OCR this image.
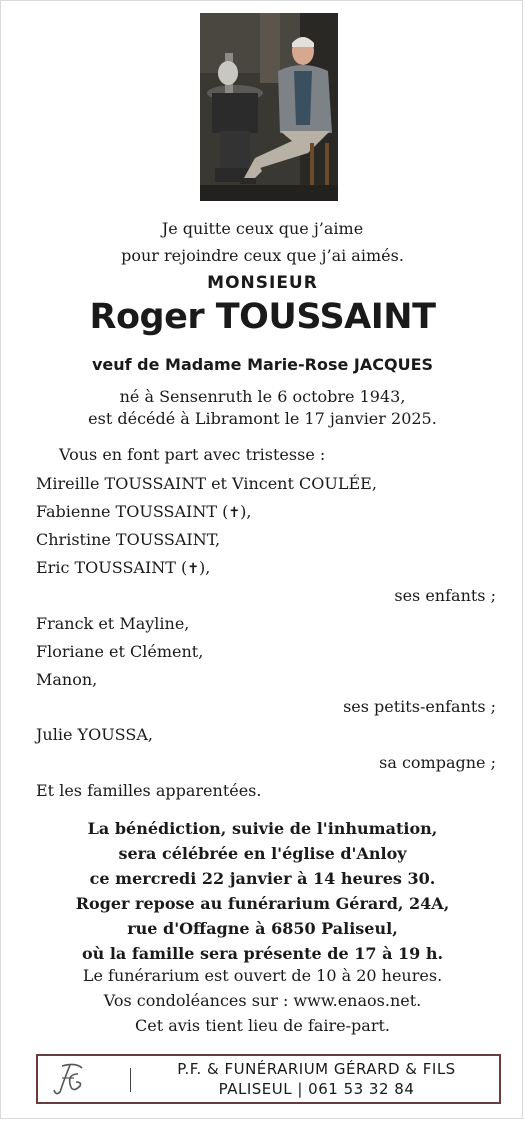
Je quitte ceux que j’aime
pour rejoindre ceux que j’ai aimés.
MONSIEUR
Roger TOUSSAINT
veuf de Madame Marie-Rose JACQUES
né à Sensenruth le 6 octobre 1943,
est décédé à Libramont le 17 janvier 2025.
Vous en font part avec tristesse :
Mireille TOUSSAINT et Vincent COULÉE,
Fabienne TOUSSAINT (✝),
Christine TOUSSAINT,
Eric TOUSSAINT (✝),
ses enfants ;
Franck et Mayline,
Floriane et Clément,
Manon,
ses petits-enfants ;
Julie YOUSSA,
sa compagne ;
Et les familles apparentées.
La bénédiction, suivie de l'inhumation,
sera célébrée en l'église d'Anloy
ce mercredi 22 janvier à 14 heures 30.
Roger repose au funérarium Gérard, 24A,
rue d'Offagne à 6850 Paliseul,
où la famille sera présente de 17 à 19 h.
Le funérarium est ouvert de 10 à 20 heures.
Vos condoléances sur : www.enaos.net.
Cet avis tient lieu de faire-part.
P.F. & FUNÉRARIUM GÉRARD & FILS
PALISEUL | 061 53 32 84
